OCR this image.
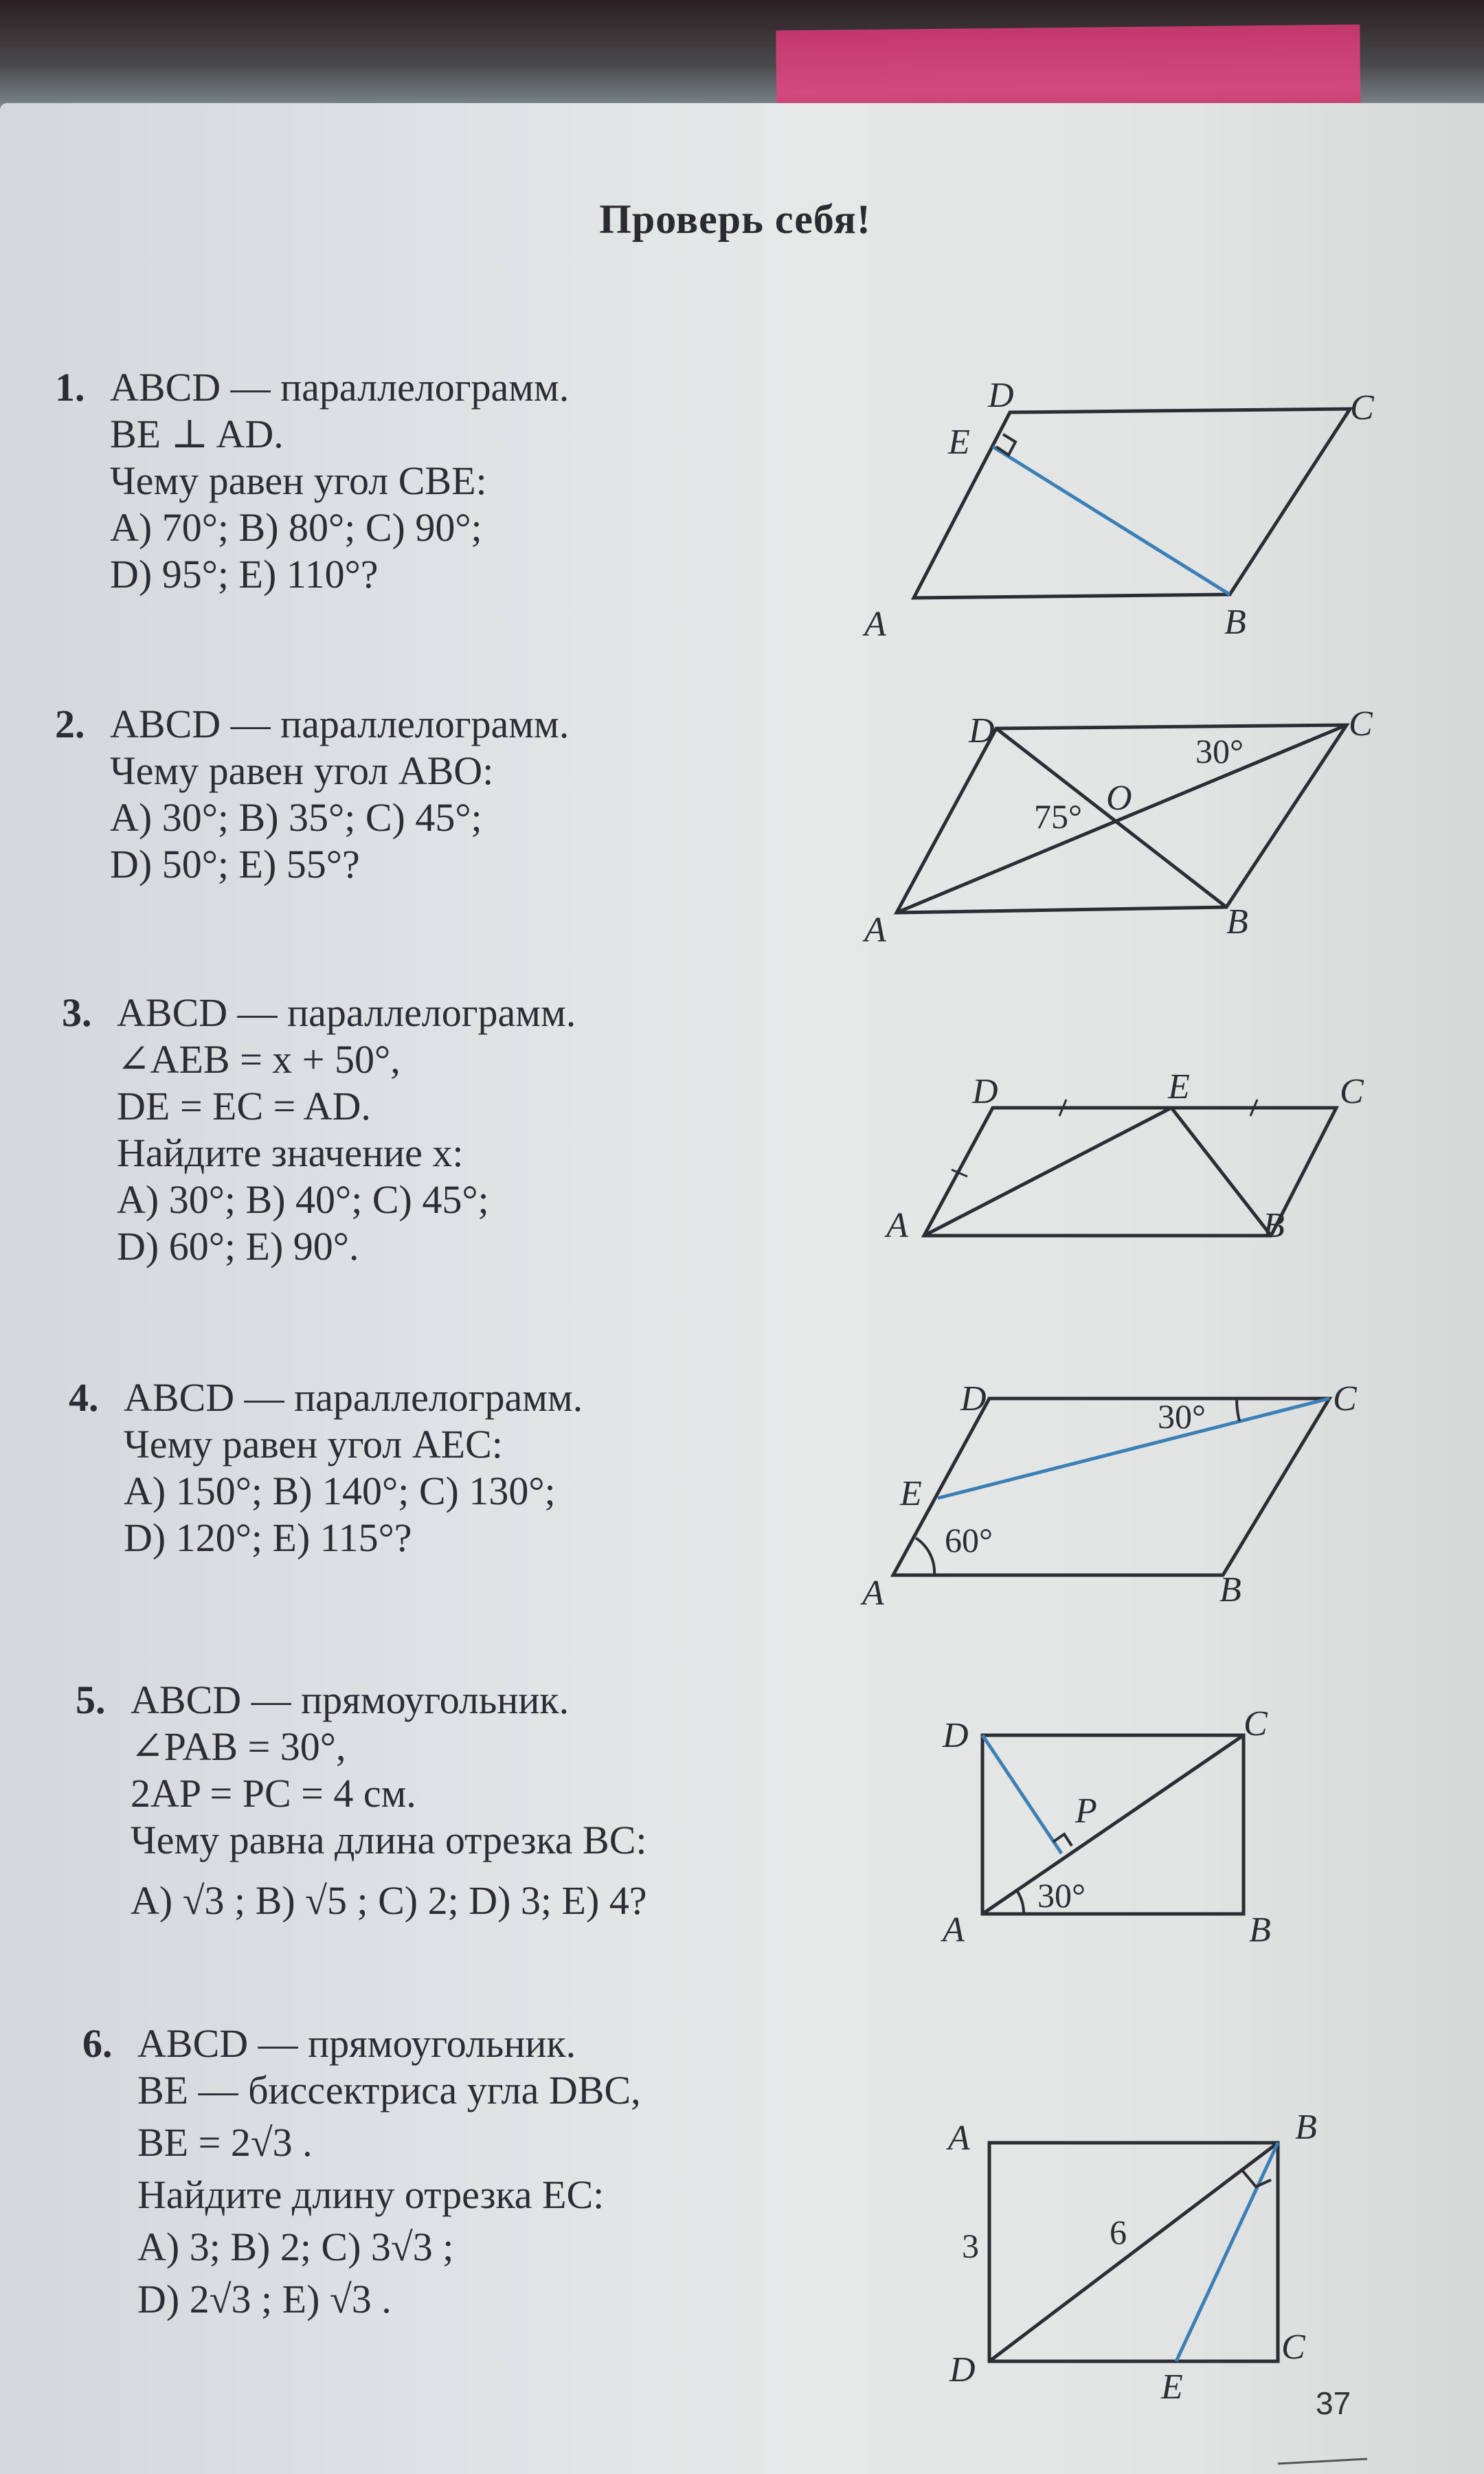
Проверь себя!
1. ABCD — параллелограмм.
BE ⊥ AD.
Чему равен угол CBE:
A) 70°; B) 80°; C) 90°;
D) 95°; E) 110°?
2. ABCD — параллелограмм.
Чему равен угол ABO:
A) 30°; B) 35°; C) 45°;
D) 50°; E) 55°?
3. ABCD — параллелограмм.
∠AEB = x + 50°,
DE = EC = AD.
Найдите значение x:
A) 30°; B) 40°; C) 45°;
D) 60°; E) 90°.
4. ABCD — параллелограмм.
Чему равен угол AEC:
A) 150°; B) 140°; C) 130°;
D) 120°; E) 115°?
5. ABCD — прямоугольник.
∠PAB = 30°,
2AP = PC = 4 см.
Чему равна длина отрезка BC:
A) √3 ; B) √5 ; C) 2; D) 3; E) 4?
6. ABCD — прямоугольник.
BE — биссектриса угла DBC,
BE = 2√3 .
Найдите длину отрезка EC:
A) 3; B) 2; C) 3√3 ;
D) 2√3 ; E) √3 .
37
D	C
E
A	B
D	C
O
A	B
30°
75°
D	E	C
A	B
D	C
E
A	B
30°
60°
D	C
P
A	B
30°
A	B
D	E
C
3	6
